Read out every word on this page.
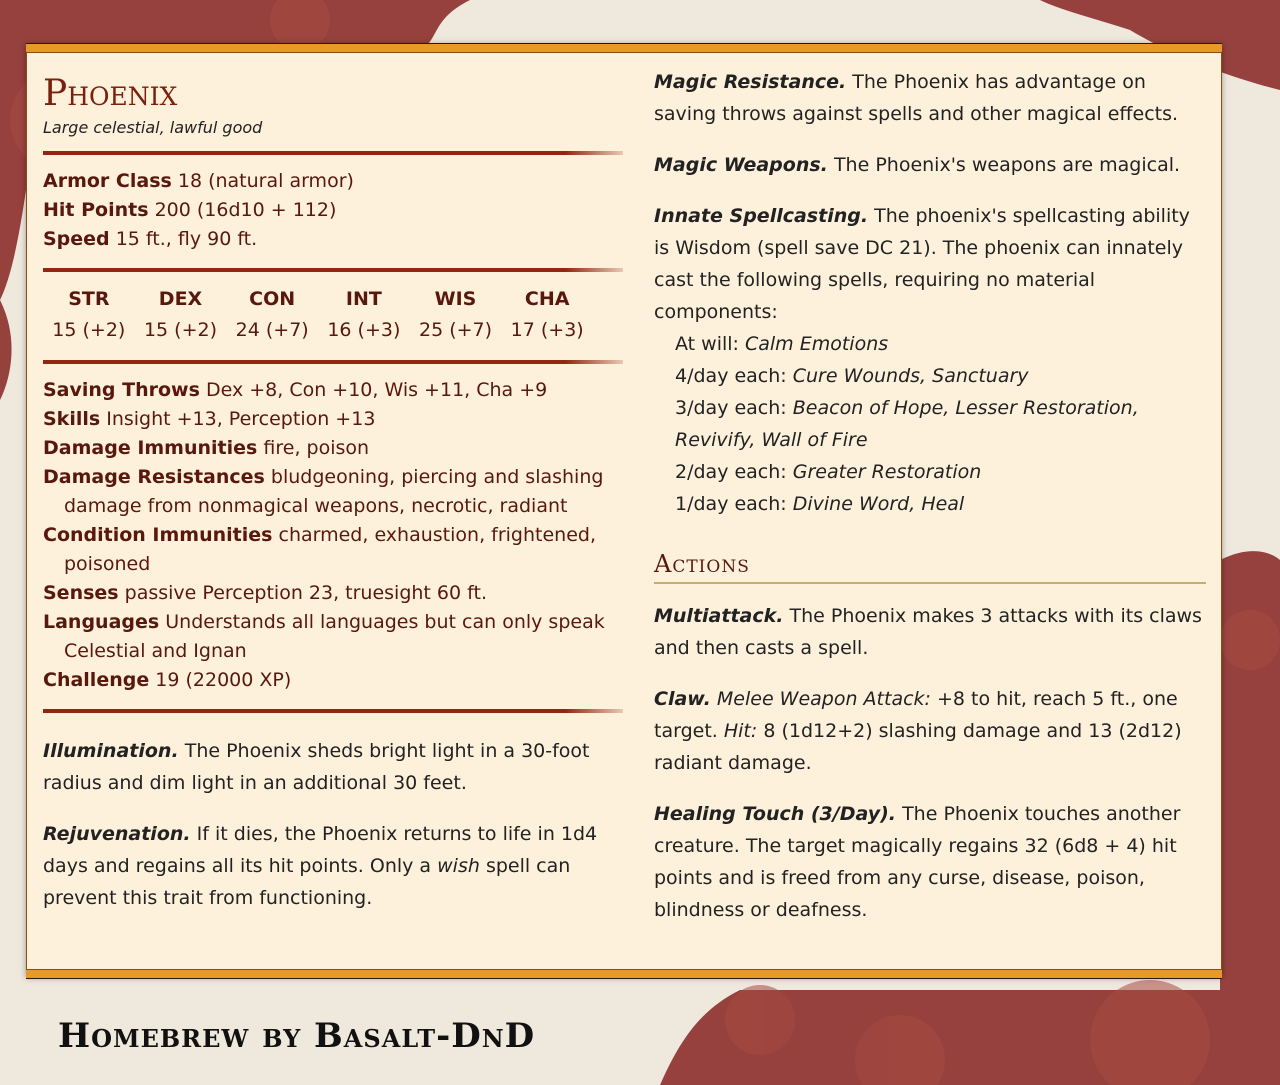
Phoenix
Large celestial, lawful good
Armor Class 18 (natural armor)
Hit Points 200 (16d10 + 112)
Speed 15 ft., fly 90 ft.
STR
15 (+2)
DEX
15 (+2)
CON
24 (+7)
INT
16 (+3)
WIS
25 (+7)
CHA
17 (+3)
Saving Throws Dex +8, Con +10, Wis +11, Cha +9
Skills Insight +13, Perception +13
Damage Immunities fire, poison
Damage Resistances bludgeoning, piercing and slashing damage from nonmagical weapons, necrotic, radiant
Condition Immunities charmed, exhaustion, frightened, poisoned
Senses passive Perception 23, truesight 60 ft.
Languages Understands all languages but can only speak Celestial and Ignan
Challenge 19 (22000 XP)
Illumination. The Phoenix sheds bright light in a 30-foot radius and dim light in an additional 30 feet.
Rejuvenation. If it dies, the Phoenix returns to life in 1d4 days and regains all its hit points. Only a wish spell can prevent this trait from functioning.
Magic Resistance. The Phoenix has advantage on saving throws against spells and other magical effects.
Magic Weapons. The Phoenix's weapons are magical.
Innate Spellcasting. The phoenix's spellcasting ability is Wisdom (spell save DC 21). The phoenix can innately cast the following spells, requiring no material components:
At will: Calm Emotions
4/day each: Cure Wounds, Sanctuary
3/day each: Beacon of Hope, Lesser Restoration, Revivify, Wall of Fire
2/day each: Greater Restoration
1/day each: Divine Word, Heal
Actions
Multiattack. The Phoenix makes 3 attacks with its claws and then casts a spell.
Claw. Melee Weapon Attack: +8 to hit, reach 5 ft., one target. Hit: 8 (1d12+2) slashing damage and 13 (2d12) radiant damage.
Healing Touch (3/Day). The Phoenix touches another creature. The target magically regains 32 (6d8 + 4) hit points and is freed from any curse, disease, poison, blindness or deafness.
Homebrew by Basalt-DnD
